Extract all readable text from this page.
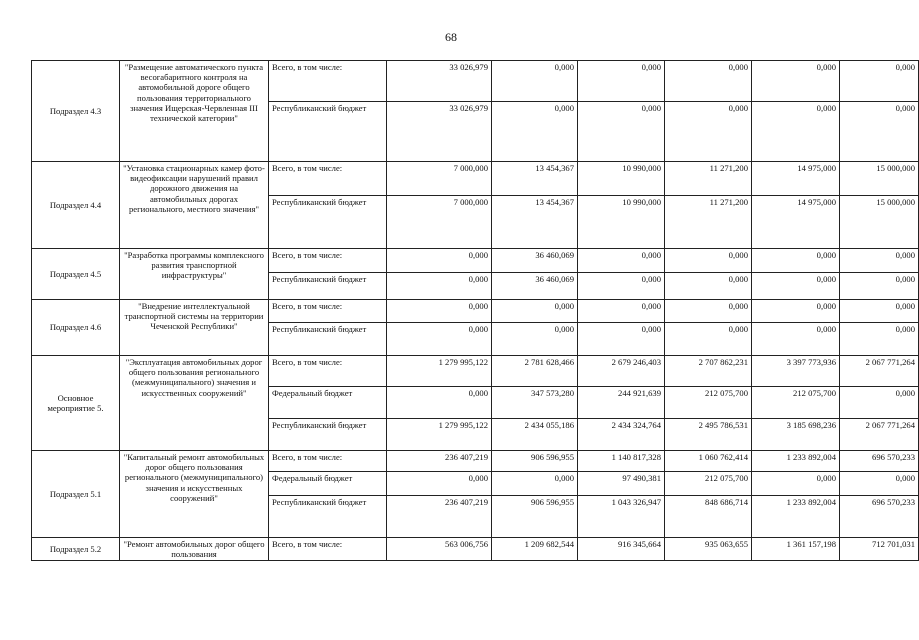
68
Подраздел 4.3	"Размещение автоматического пункта весогабаритного контроля на автомобильной дороге общего пользования территориального значения Ищерская-Червленная III технической категории"	Всего, в том числе:	33 026,979	0,000	0,000	0,000	0,000	0,000
		Республиканский бюджет	33 026,979	0,000	0,000	0,000	0,000	0,000
Подраздел 4.4	"Установка стационарных камер фото-видеофиксации нарушений правил дорожного движения на автомобильных дорогах регионального, местного значения"	Всего, в том числе:	7 000,000	13 454,367	10 990,000	11 271,200	14 975,000	15 000,000
		Республиканский бюджет	7 000,000	13 454,367	10 990,000	11 271,200	14 975,000	15 000,000
Подраздел 4.5	"Разработка программы комплексного развития транспортной инфраструктуры"	Всего, в том числе:	0,000	36 460,069	0,000	0,000	0,000	0,000
		Республиканский бюджет	0,000	36 460,069	0,000	0,000	0,000	0,000
Подраздел 4.6	"Внедрение интеллектуальной транспортной системы на территории Чеченской Республики"	Всего, в том числе:	0,000	0,000	0,000	0,000	0,000	0,000
		Республиканский бюджет	0,000	0,000	0,000	0,000	0,000	0,000
Основное мероприятие 5.	"Эксплуатация автомобильных дорог общего пользования регионального (межмуниципального) значения и искусственных сооружений"	Всего, в том числе:	1 279 995,122	2 781 628,466	2 679 246,403	2 707 862,231	3 397 773,936	2 067 771,264
		Федеральный бюджет	0,000	347 573,280	244 921,639	212 075,700	212 075,700	0,000
		Республиканский бюджет	1 279 995,122	2 434 055,186	2 434 324,764	2 495 786,531	3 185 698,236	2 067 771,264
Подраздел 5.1	"Капитальный ремонт автомобильных дорог общего пользования регионального (межмуниципального) значения и искусственных сооружений"	Всего, в том числе:	236 407,219	906 596,955	1 140 817,328	1 060 762,414	1 233 892,004	696 570,233
		Федеральный бюджет	0,000	0,000	97 490,381	212 075,700	0,000	0,000
		Республиканский бюджет	236 407,219	906 596,955	1 043 326,947	848 686,714	1 233 892,004	696 570,233
Подраздел 5.2	"Ремонт автомобильных дорог общего пользования	Всего, в том числе:	563 006,756	1 209 682,544	916 345,664	935 063,655	1 361 157,198	712 701,031
